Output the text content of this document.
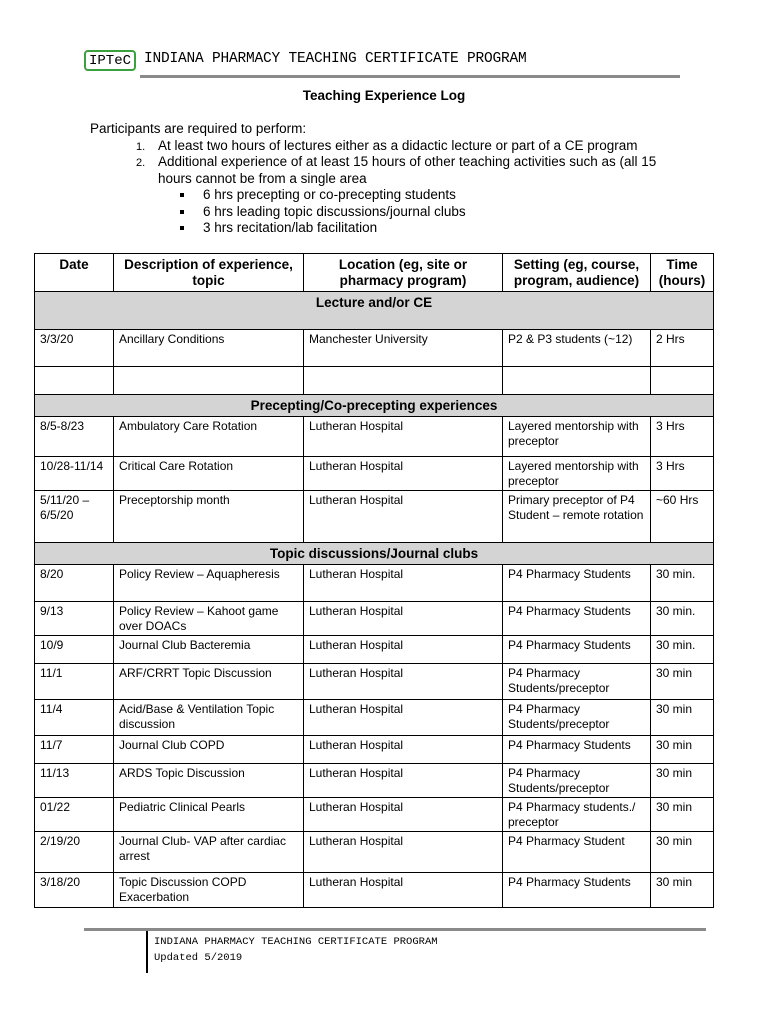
IPTeC INDIANA PHARMACY TEACHING CERTIFICATE PROGRAM
Teaching Experience Log

Participants are required to perform:

1. At least two hours of lectures either as a didactic lecture or part of a CE program
2. Additional experience of at least 15 hours of other teaching activities such as (all 15 hours cannot be from a single area
6 hrs precepting or co-precepting students
6 hrs leading topic discussions/journal clubs
3 hrs recitation/lab facilitation
Date	Description of experience, topic	Location (eg, site or pharmacy program)	Setting (eg, course, program, audience)	Time (hours)
Lecture and/or CE				
3/3/20	Ancillary Conditions	Manchester University	P2 & P3 students (~12)	2 Hrs

Precepting/Co-precepting experiences				
8/5-8/23	Ambulatory Care Rotation	Lutheran Hospital	Layered mentorship with preceptor	3 Hrs
10/28-11/14	Critical Care Rotation	Lutheran Hospital	Layered mentorship with preceptor	3 Hrs
5/11/20 – 6/5/20	Preceptorship month	Lutheran Hospital	Primary preceptor of P4 Student – remote rotation	~60 Hrs
Topic discussions/Journal clubs				
8/20	Policy Review – Aquapheresis	Lutheran Hospital	P4 Pharmacy Students	30 min.
9/13	Policy Review – Kahoot game over DOACs	Lutheran Hospital	P4 Pharmacy Students	30 min.
10/9	Journal Club Bacteremia	Lutheran Hospital	P4 Pharmacy Students	30 min.
11/1	ARF/CRRT Topic Discussion	Lutheran Hospital	P4 Pharmacy Students/preceptor	30 min
11/4	Acid/Base & Ventilation Topic discussion	Lutheran Hospital	P4 Pharmacy Students/preceptor	30 min
11/7	Journal Club COPD	Lutheran Hospital	P4 Pharmacy Students	30 min
11/13	ARDS Topic Discussion	Lutheran Hospital	P4 Pharmacy Students/preceptor	30 min
01/22	Pediatric Clinical Pearls	Lutheran Hospital	P4 Pharmacy students./ preceptor	30 min
2/19/20	Journal Club- VAP after cardiac arrest	Lutheran Hospital	P4 Pharmacy Student	30 min
3/18/20	Topic Discussion COPD Exacerbation	Lutheran Hospital	P4 Pharmacy Students	30 min
INDIANA PHARMACY TEACHING CERTIFICATE PROGRAM
Updated 5/2019
